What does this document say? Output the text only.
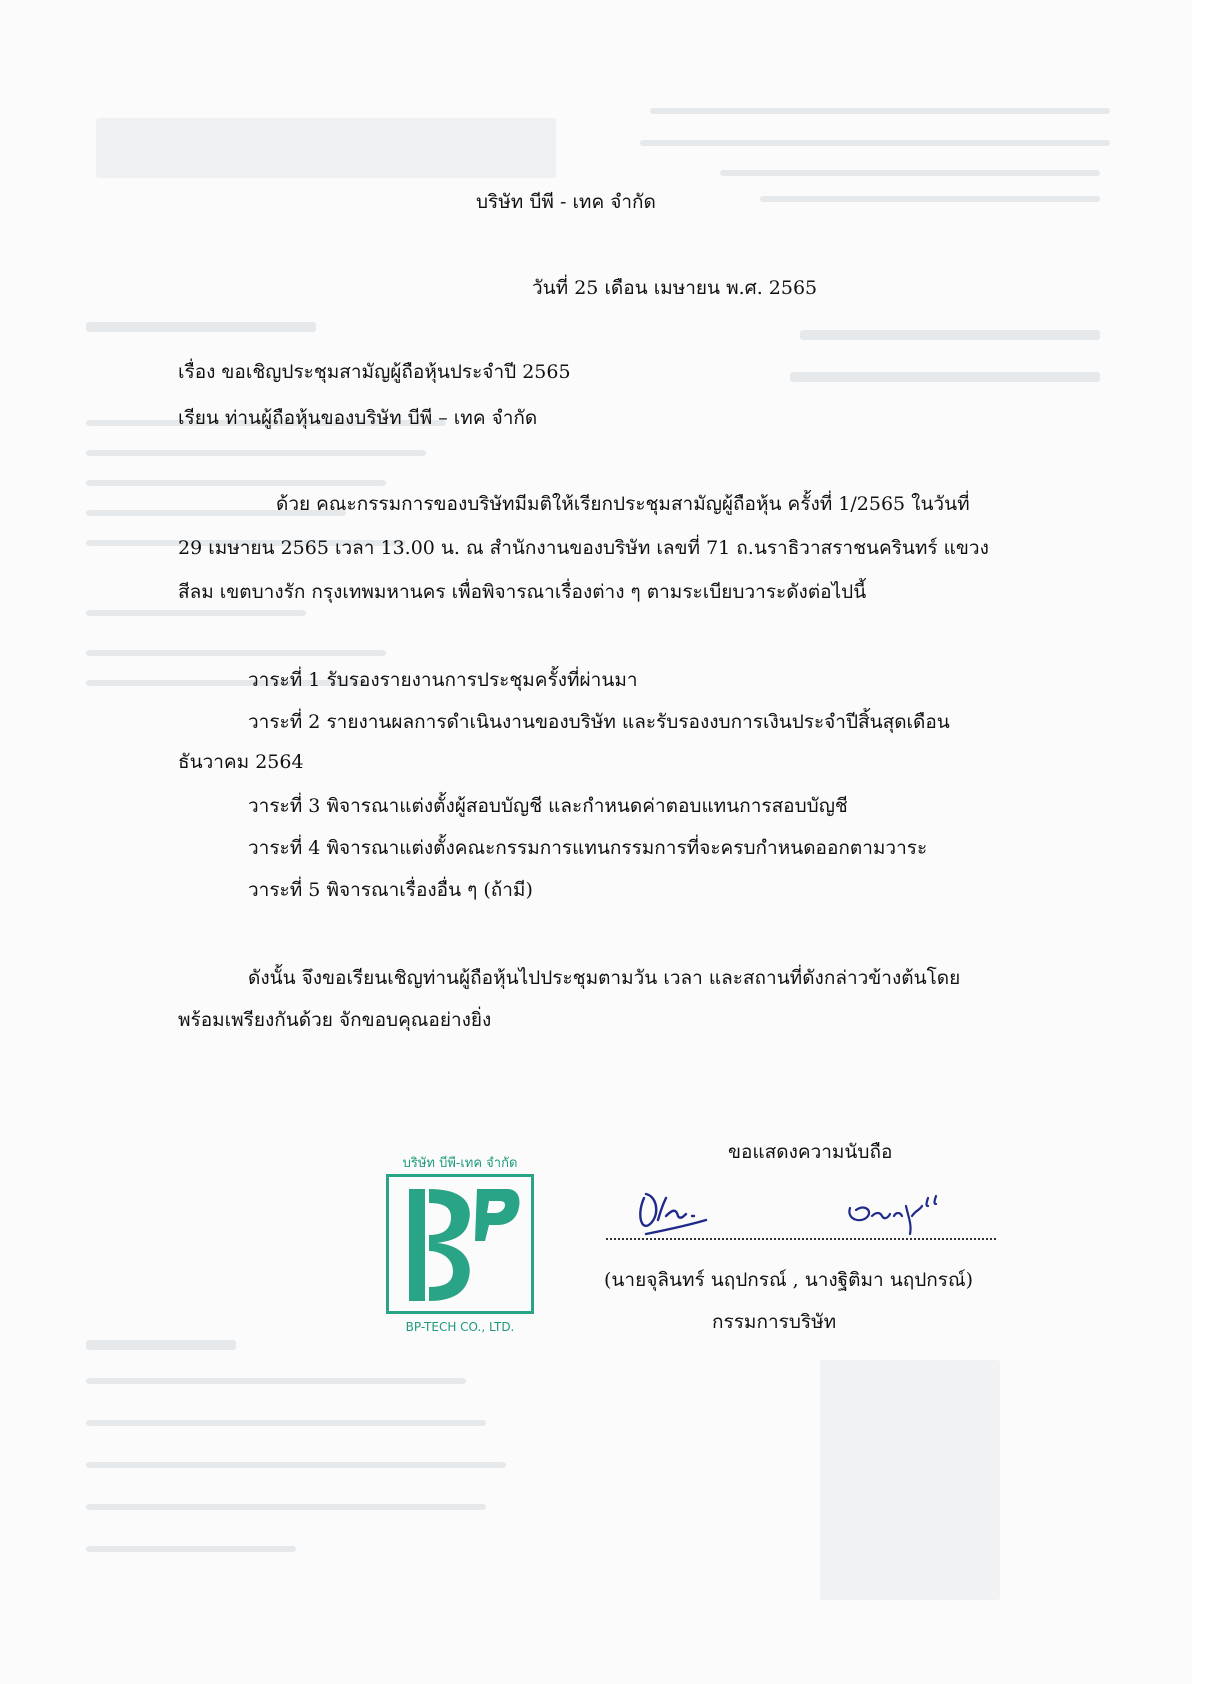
บริษัท บีพี - เทค จำกัด
วันที่ 25 เดือน เมษายน พ.ศ. 2565
เรื่อง ขอเชิญประชุมสามัญผู้ถือหุ้นประจำปี 2565
เรียน ท่านผู้ถือหุ้นของบริษัท บีพี – เทค จำกัด
ด้วย คณะกรรมการของบริษัทมีมติให้เรียกประชุมสามัญผู้ถือหุ้น ครั้งที่ 1/2565 ในวันที่
29 เมษายน 2565 เวลา 13.00 น. ณ สำนักงานของบริษัท เลขที่ 71 ถ.นราธิวาสราชนครินทร์ แขวง
สีลม เขตบางรัก กรุงเทพมหานคร เพื่อพิจารณาเรื่องต่าง ๆ ตามระเบียบวาระดังต่อไปนี้
วาระที่ 1 รับรองรายงานการประชุมครั้งที่ผ่านมา
วาระที่ 2 รายงานผลการดำเนินงานของบริษัท และรับรองงบการเงินประจำปีสิ้นสุดเดือน
ธันวาคม 2564
วาระที่ 3 พิจารณาแต่งตั้งผู้สอบบัญชี และกำหนดค่าตอบแทนการสอบบัญชี
วาระที่ 4 พิจารณาแต่งตั้งคณะกรรมการแทนกรรมการที่จะครบกำหนดออกตามวาระ
วาระที่ 5 พิจารณาเรื่องอื่น ๆ (ถ้ามี)
ดังนั้น จึงขอเรียนเชิญท่านผู้ถือหุ้นไปประชุมตามวัน เวลา และสถานที่ดังกล่าวข้างต้นโดย
พร้อมเพรียงกันด้วย จักขอบคุณอย่างยิ่ง
ขอแสดงความนับถือ
บริษัท บีพี-เทค จำกัด
BP-TECH CO., LTD.
(นายจุลินทร์ นฤปกรณ์ , นางฐิติมา นฤปกรณ์)
กรรมการบริษัท
